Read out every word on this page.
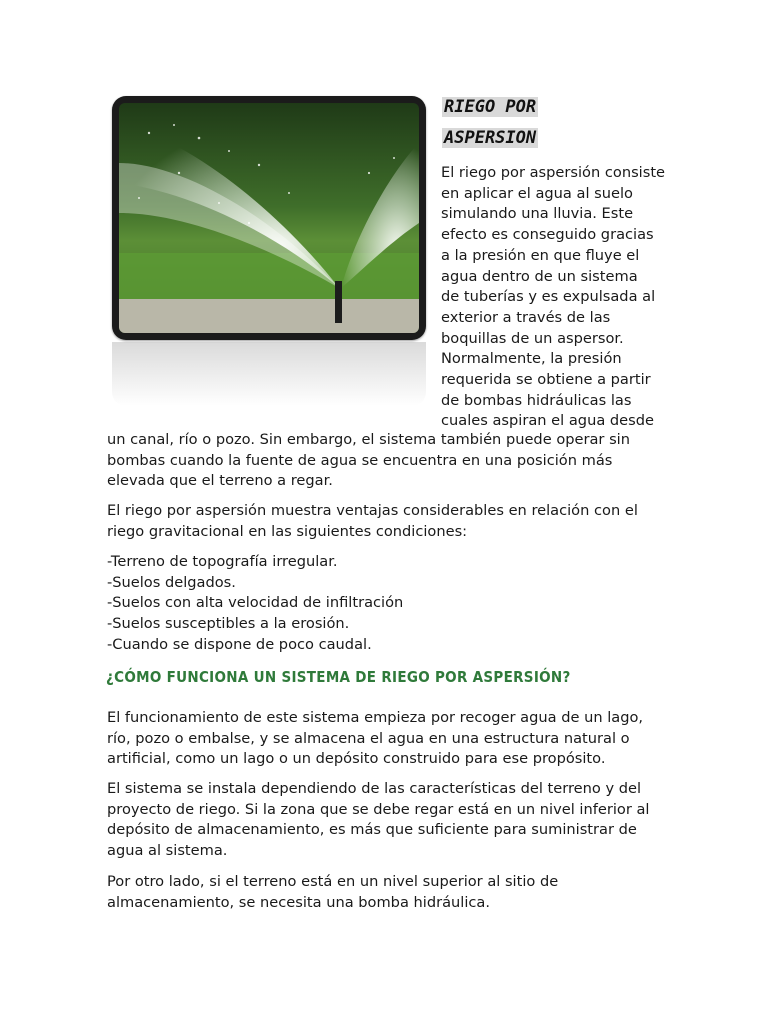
RIEGO POR
ASPERSION
El riego por aspersión consiste
en aplicar el agua al suelo
simulando una lluvia. Este
efecto es conseguido gracias
a la presión en que fluye el
agua dentro de un sistema
de tuberías y es expulsada al
exterior a través de las
boquillas de un aspersor.
Normalmente, la presión
requerida se obtiene a partir
de bombas hidráulicas las
cuales aspiran el agua desde
un canal, río o pozo. Sin embargo, el sistema también puede operar sin
bombas cuando la fuente de agua se encuentra en una posición más
elevada que el terreno a regar.

El riego por aspersión muestra ventajas considerables en relación con el riego gravitacional en las siguientes condiciones:

-Terreno de topografía irregular.
-Suelos delgados.
-Suelos con alta velocidad de infiltración
-Suelos susceptibles a la erosión.
-Cuando se dispone de poco caudal.
¿CÓMO FUNCIONA UN SISTEMA DE RIEGO POR ASPERSIÓN?

El funcionamiento de este sistema empieza por recoger agua de un lago, río, pozo o embalse, y se almacena el agua en una estructura natural o artificial, como un lago o un depósito construido para ese propósito.

El sistema se instala dependiendo de las características del terreno y del proyecto de riego. Si la zona que se debe regar está en un nivel inferior al depósito de almacenamiento, es más que suficiente para suministrar de agua al sistema.

Por otro lado, si el terreno está en un nivel superior al sitio de almacenamiento, se necesita una bomba hidráulica.
